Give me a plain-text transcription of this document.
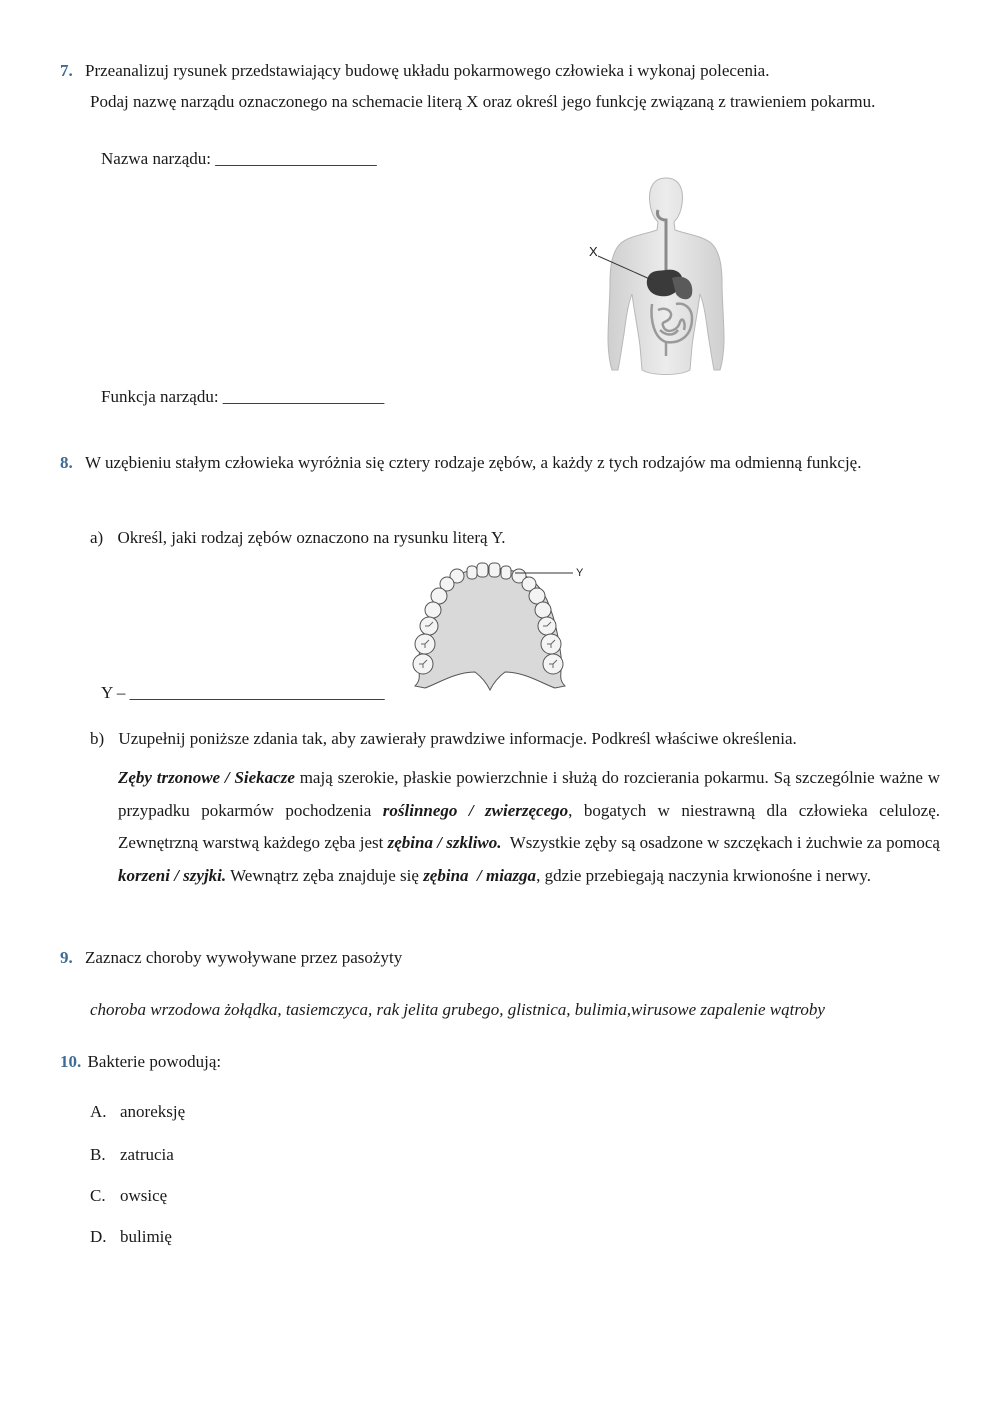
7. Przeanalizuj rysunek przedstawiający budowę układu pokarmowego człowieka i wykonaj polecenia.
Podaj nazwę narządu oznaczonego na schemacie literą X oraz określ jego funkcję związaną z trawieniem pokarmu.
Nazwa narządu: ___________________
Funkcja narządu: ___________________
X
8. W uzębieniu stałym człowieka wyróżnia się cztery rodzaje zębów, a każdy z tych rodzajów ma odmienną funkcję.
a) Określ, jaki rodzaj zębów oznaczono na rysunku literą Y.
Y
Y – ______________________________
b) Uzupełnij poniższe zdania tak, aby zawierały prawdziwe informacje. Podkreśl właściwe określenia.
Zęby trzonowe / Siekacze mają szerokie, płaskie powierzchnie i służą do rozcierania pokarmu. Są szczególnie ważne w przypadku pokarmów pochodzenia roślinnego / zwierzęcego, bogatych w niestrawną dla człowieka celulozę. Zewnętrzną warstwą każdego zęba jest zębina / szkliwo.  Wszystkie zęby są osadzone w szczękach i żuchwie za pomocą korzeni / szyjki. Wewnątrz zęba znajduje się zębina  / miazga, gdzie przebiegają naczynia krwionośne i nerwy.
9. Zaznacz choroby wywoływane przez pasożyty
choroba wrzodowa żołądka, tasiemczyca, rak jelita grubego, glistnica, bulimia,wirusowe zapalenie wątroby
10. Bakterie powodują:
A. anoreksję
B. zatrucia
C. owsicę
D. bulimię
